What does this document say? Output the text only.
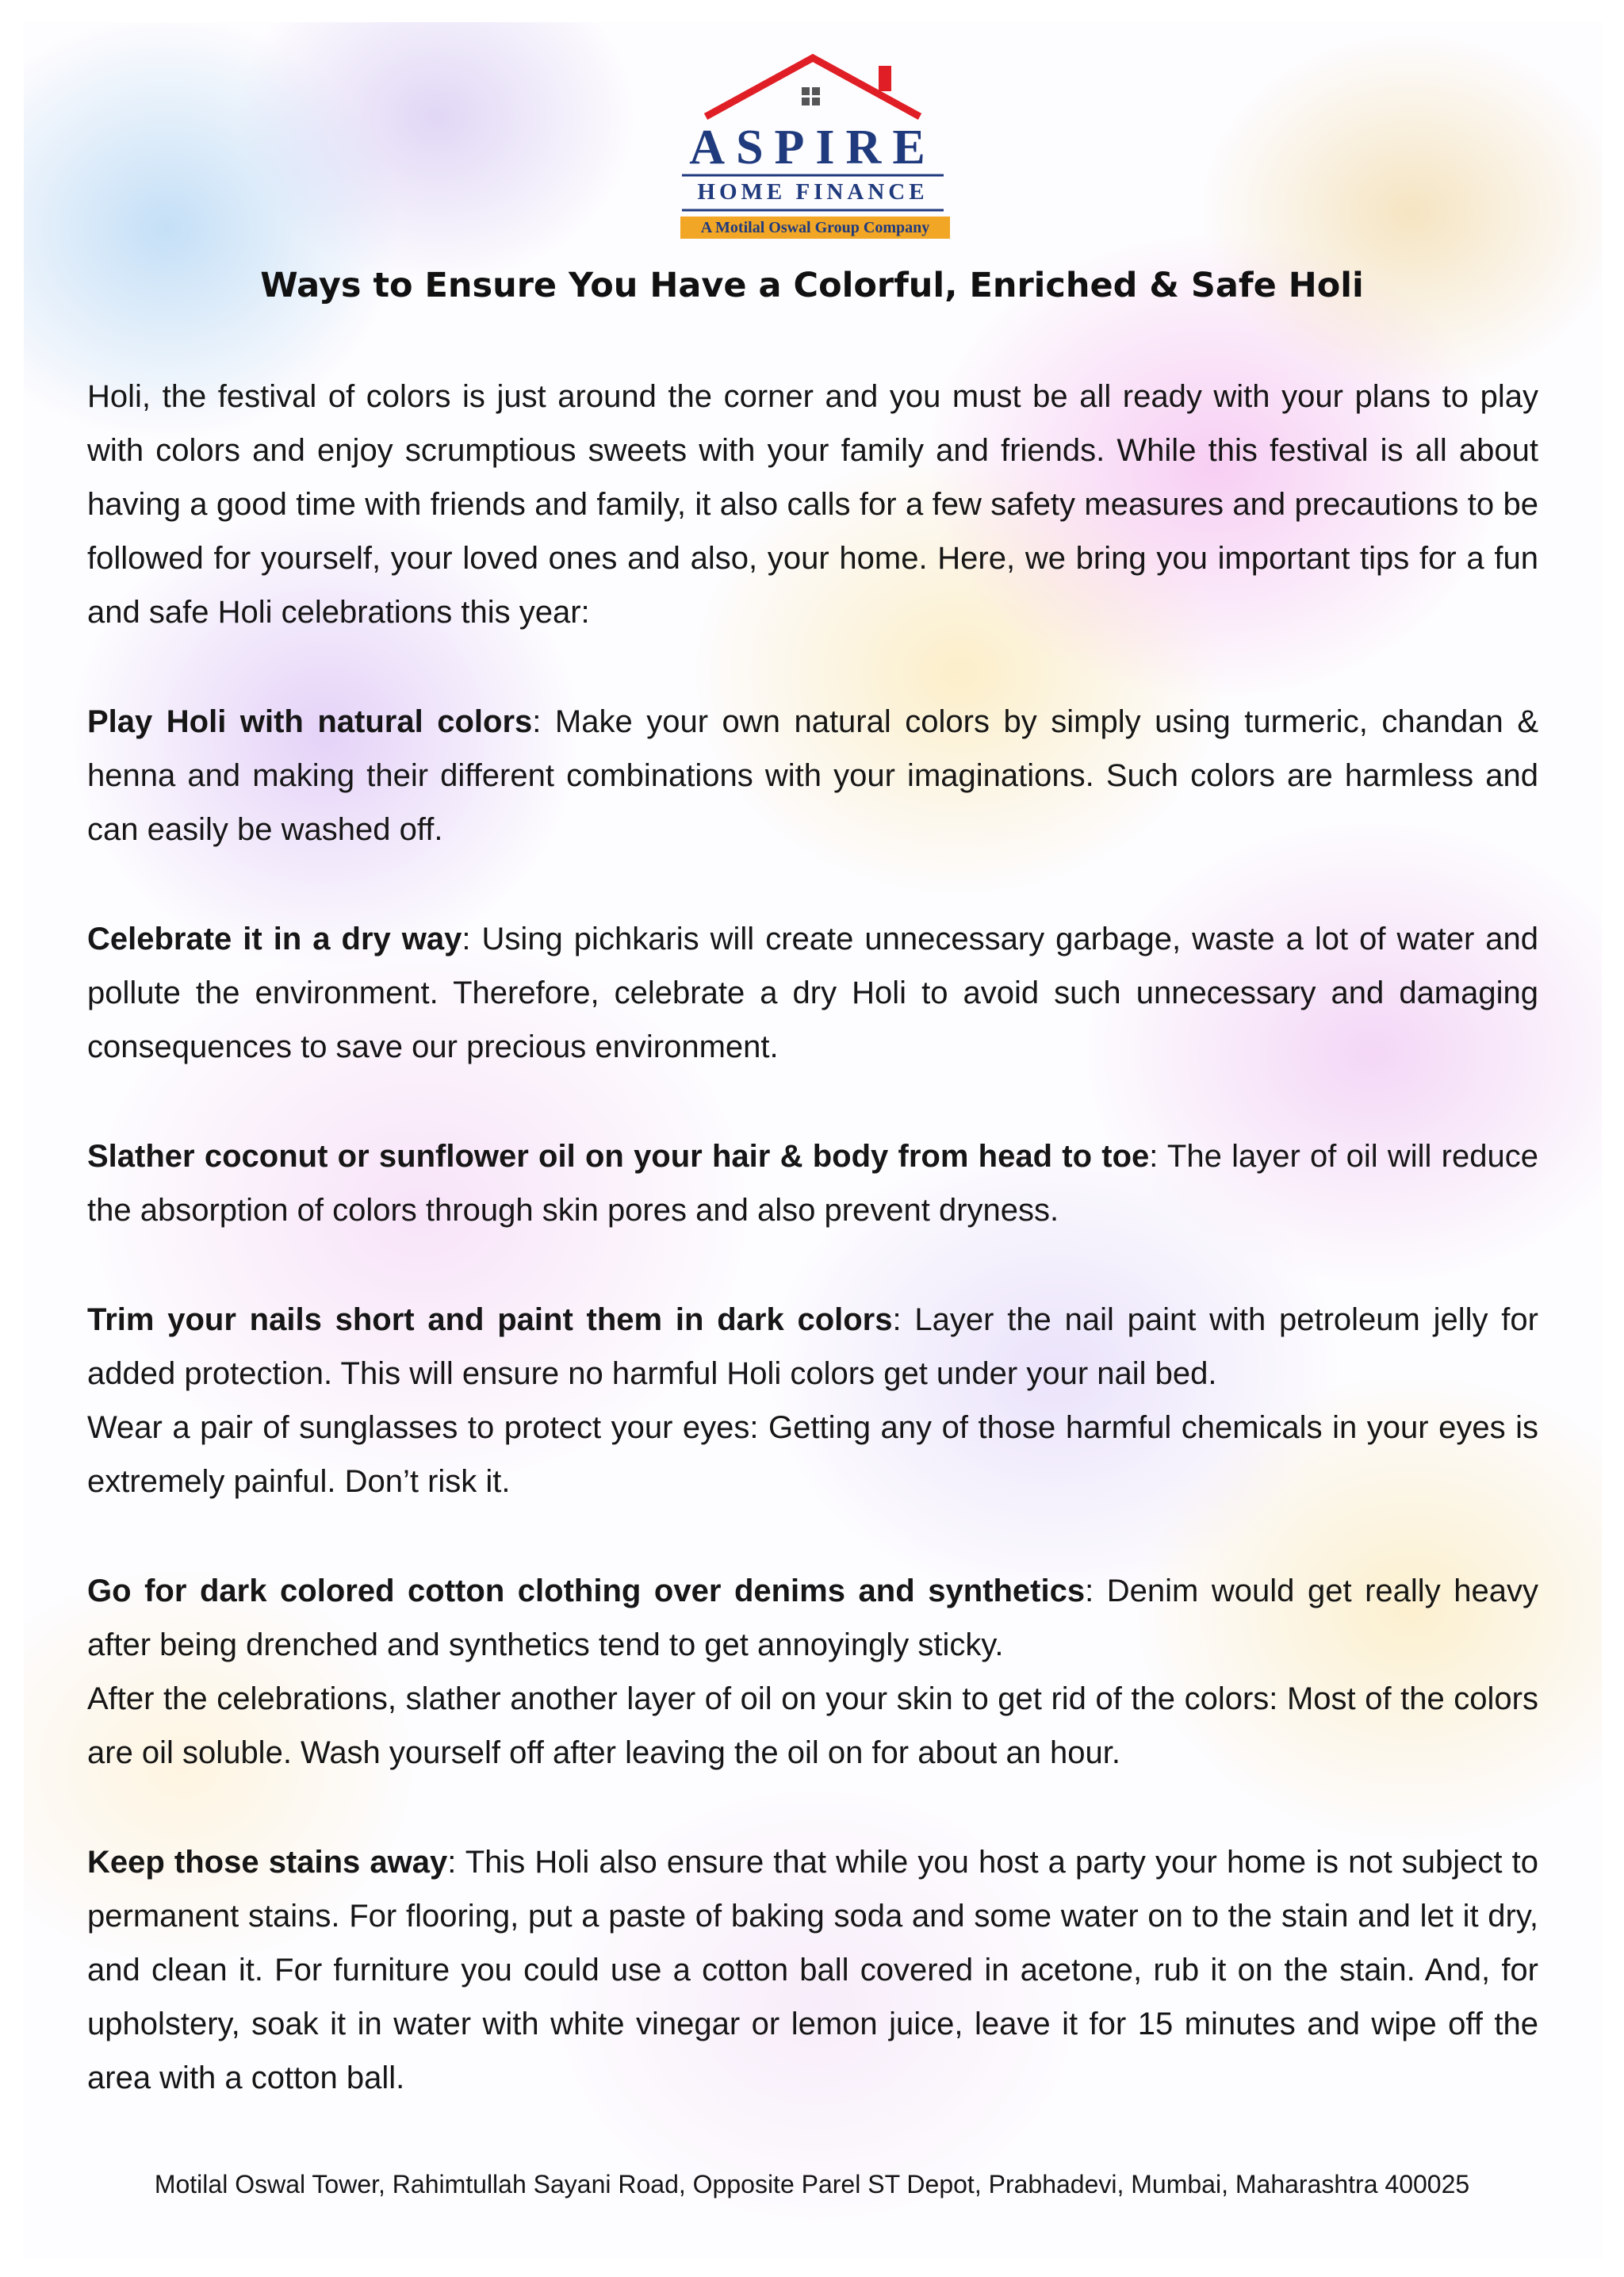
ASPIRE
HOME FINANCE
A Motilal Oswal Group Company
Ways to Ensure You Have a Colorful, Enriched & Safe Holi
Holi, the festival of colors is just around the corner and you must be all ready with your plans to play with colors and enjoy scrumptious sweets with your family and friends. While this festival is all about having a good time with friends and family, it also calls for a few safety measures and precautions to be followed for yourself, your loved ones and also, your home. Here, we bring you important tips for a fun and safe Holi celebrations this year:
Play Holi with natural colors: Make your own natural colors by simply using turmeric, chandan & henna and making their different combinations with your imaginations. Such colors are harmless and can easily be washed off.
Celebrate it in a dry way: Using pichkaris will create unnecessary garbage, waste a lot of water and pollute the environment. Therefore, celebrate a dry Holi to avoid such unnecessary and damaging consequences to save our precious environment.
Slather coconut or sunflower oil on your hair & body from head to toe: The layer of oil will reduce the absorption of colors through skin pores and also prevent dryness.
Trim your nails short and paint them in dark colors: Layer the nail paint with petroleum jelly for added protection. This will ensure no harmful Holi colors get under your nail bed.
Wear a pair of sunglasses to protect your eyes: Getting any of those harmful chemicals in your eyes is extremely painful. Don’t risk it.
Go for dark colored cotton clothing over denims and synthetics: Denim would get really heavy after being drenched and synthetics tend to get annoyingly sticky.
After the celebrations, slather another layer of oil on your skin to get rid of the colors: Most of the colors are oil soluble. Wash yourself off after leaving the oil on for about an hour.
Keep those stains away: This Holi also ensure that while you host a party your home is not subject to permanent stains. For flooring, put a paste of baking soda and some water on to the stain and let it dry, and clean it. For furniture you could use a cotton ball covered in acetone, rub it on the stain. And, for upholstery, soak it in water with white vinegar or lemon juice, leave it for 15 minutes and wipe off the area with a cotton ball.
Motilal Oswal Tower, Rahimtullah Sayani Road, Opposite Parel ST Depot, Prabhadevi, Mumbai, Maharashtra 400025
